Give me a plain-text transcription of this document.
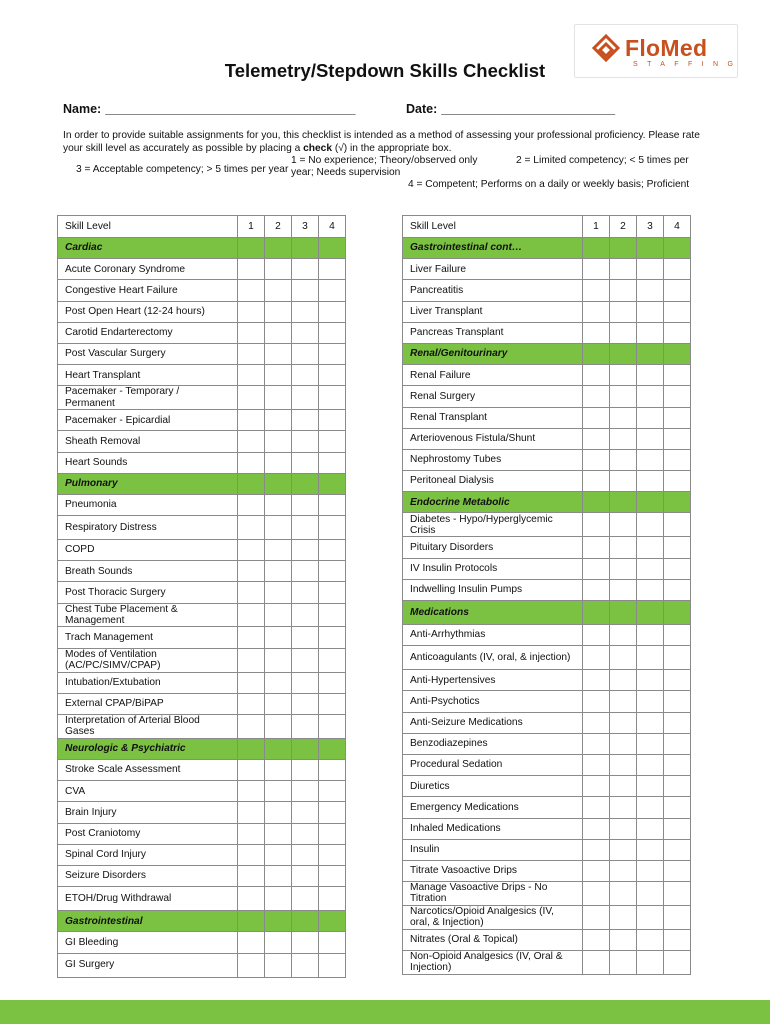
FloMed
STAFFING
Telemetry/Stepdown Skills Checklist
Name: ____________________________________	Date: _________________________
In order to provide suitable assignments for you, this checklist is intended as a method of assessing your professional proficiency. Please rate your skill level as accurately as possible by placing a check (√) in the appropriate box.
1 = No experience; Theory/observed only
year; Needs supervision
2 = Limited competency; < 5 times per
3 = Acceptable competency; > 5 times per year
4 = Competent; Performs on a daily or weekly basis; Proficient
Skill Level	1	2	3	4
Cardiac				
Acute Coronary Syndrome				
Congestive Heart Failure				
Post Open Heart (12-24 hours)				
Carotid Endarterectomy				
Post Vascular Surgery				
Heart Transplant				
Pacemaker - Temporary / Permanent				
Pacemaker - Epicardial				
Sheath Removal				
Heart Sounds				
Pulmonary				
Pneumonia				
Respiratory Distress				
COPD				
Breath Sounds				
Post Thoracic Surgery				
Chest Tube Placement & Management				
Trach Management				
Modes of Ventilation (AC/PC/SIMV/CPAP)				
Intubation/Extubation				
External CPAP/BiPAP				
Interpretation of Arterial Blood Gases				
Neurologic & Psychiatric				
Stroke Scale Assessment				
CVA				
Brain Injury				
Post Craniotomy				
Spinal Cord Injury				
Seizure Disorders				
ETOH/Drug Withdrawal				
Gastrointestinal				
GI Bleeding				
GI Surgery				
Skill Level	1	2	3	4
Gastrointestinal cont…				
Liver Failure				
Pancreatitis				
Liver Transplant				
Pancreas Transplant				
Renal/Genitourinary				
Renal Failure				
Renal Surgery				
Renal Transplant				
Arteriovenous Fistula/Shunt				
Nephrostomy Tubes				
Peritoneal Dialysis				
Endocrine Metabolic				
Diabetes - Hypo/Hyperglycemic Crisis				
Pituitary Disorders				
IV Insulin Protocols				
Indwelling Insulin Pumps				
Medications				
Anti-Arrhythmias				
Anticoagulants (IV, oral, & injection)				
Anti-Hypertensives				
Anti-Psychotics				
Anti-Seizure Medications				
Benzodiazepines				
Procedural Sedation				
Diuretics				
Emergency Medications				
Inhaled Medications				
Insulin				
Titrate Vasoactive Drips				
Manage Vasoactive Drips - No Titration				
Narcotics/Opioid Analgesics (IV, oral, & Injection)				
Nitrates (Oral & Topical)				
Non-Opioid Analgesics (IV, Oral & Injection)				
